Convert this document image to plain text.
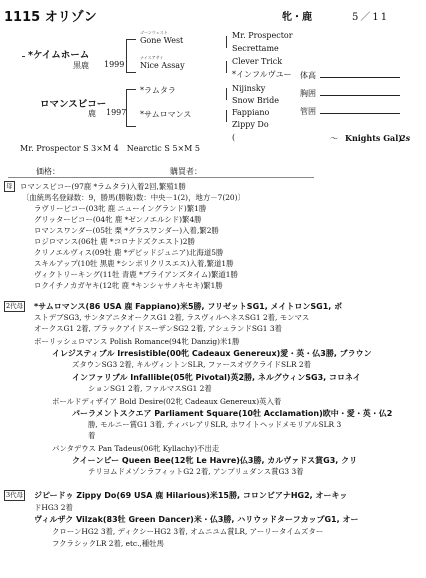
1115 オリゾン	牝・鹿	5／11
*ケイムホーム
黒鹿 1999
ロマンスビコー
鹿 1997
ゴーンウェスト
Gone West
ナイスアサイ
Nice Assay
*ラムタラ
*サムロマンス
Mr. Prospector
Secrettame
Clever Trick
*インフルヴユー
Nijinsky
Snow Bride
Fappiano
Zippy Do
(	～ Knights Gal)
2s
体高
胸囲
管囲
Mr. Prospector S 3×M 4　Nearctic S 5×M 5
価格：	購買者：
母 ロマンスビコー(97鹿 *ラムタラ)入着2回,繁殖1勝
〔血統馬名登録数：9，勝馬(勝鞍)数：中央－1(2)，地方－7(20)〕
ラヴリービコー(03牝 鹿 ニューイングランド)繁1勝
グリッタービコー(04牝 鹿 *ゼンノエルシド)繁4勝
ロマンスワンダー(05牡 栗 *グラスワンダー)入着,繁2勝
ロジロマンス(06牡 鹿 *コロナドズクエスト)2勝
クリノエルヴィス(09牡 鹿 *デビッドジュニア)北海道5勝
スキルアップ(10牡 黒鹿 *シンボリクリスエス)入着,繁道1勝
ヴィクトリーキング(11牡 青鹿 *ブライアンズタイム)繁道1勝
ロクイチノカガヤキ(12牝 鹿 *キンシャサノキセキ)繁1勝
2代母 *サムロマンス(86 USA 鹿 Fappiano)米5勝, フリゼットSG1, メイトロンSG1, ボ
ストデブSG3, サンタアニタオークスG1 2着, ラスヴィルヘネスSG1 2着, モンマス
オークスG1 2着, ブラックアイドスーザンSG2 2着, アシュランドSG1 3着
ボーリッシュロマンス Polish Romance(94牝 Danzig)米1勝
イレジスティブル Irresistible(00牝 Cadeaux Genereux)愛・英・仏3勝, ブラウン
ズタウンSG3 2着, キルヴィントンSLR, ファースオヴクライドSLR 2着
インファリブル Infallible(05牝 Pivotal)英2勝, ネルグウィンSG3, コロネイ
ションSG1 2着, ファルマスSG1 2着
ボールドディザイア Bold Desire(02牝 Cadeaux Genereux)英入着
パーラメントスクエア Parliament Square(10牡 Acclamation)欧中・愛・英・仏2
勝, モルニー賞G1 3着, ティバレアリSLR, ホワイトヘッドメモリアルSLR 3
着
パンタデウス Pan Tadeus(06牝 Kyllachy)不出走
クイーンビー Queen Bee(12牝 Le Havre)仏3勝, カルヴァドス賞G3, クリ
テリヨムドメゾンラフィットG2 2着, アンプリュダンス賞G3 3着
3代母 ジピードゥ Zippy Do(69 USA 鹿 Hilarious)米15勝, コロンビアナHG2, オーキッ
ドHG3 2着
ヴィルザク Vilzak(83牡 Green Dancer)米・仏3勝, ハリウッドターフカップG1, オー
クローンHG2 3着, ディクシーHG2 3着, オムニユム賞LR, アーリータイムズター
フクラシックLR 2着, etc.,種牡馬
